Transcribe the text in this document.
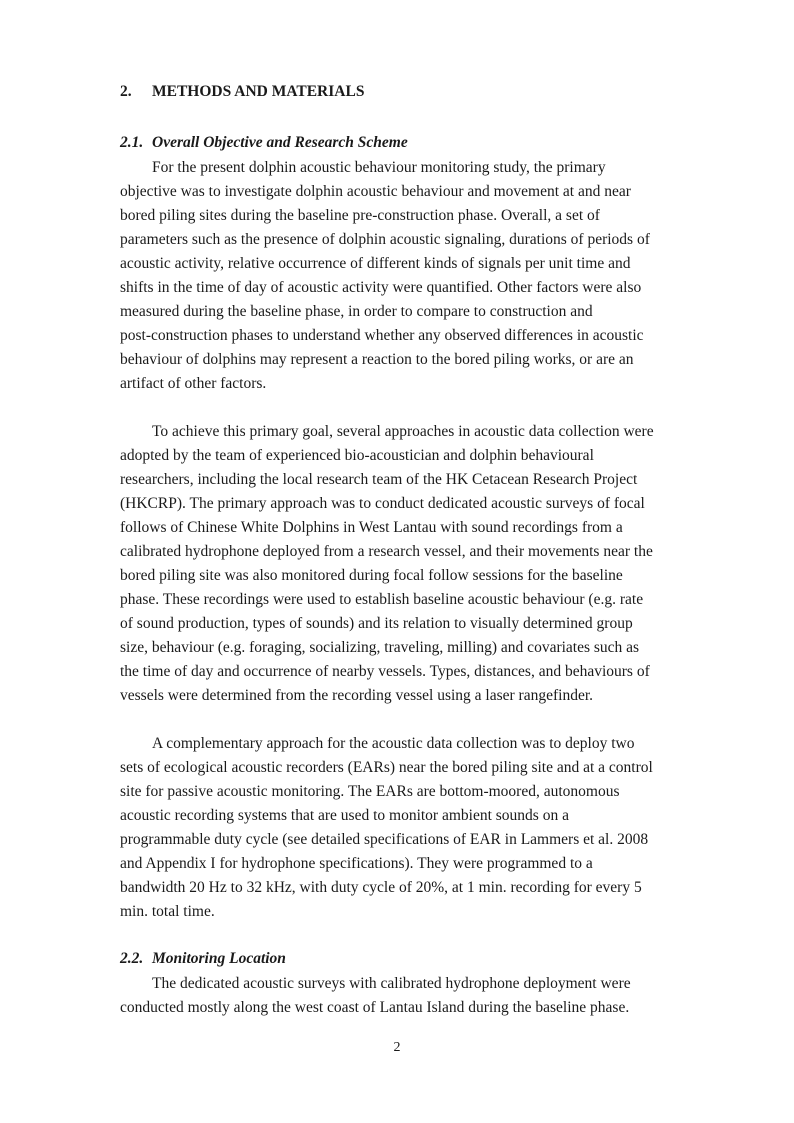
2. METHODS AND MATERIALS
2.1. Overall Objective and Research Scheme
For the present dolphin acoustic behaviour monitoring study, the primary
objective was to investigate dolphin acoustic behaviour and movement at and near
bored piling sites during the baseline pre-construction phase. Overall, a set of
parameters such as the presence of dolphin acoustic signaling, durations of periods of
acoustic activity, relative occurrence of different kinds of signals per unit time and
shifts in the time of day of acoustic activity were quantified. Other factors were also
measured during the baseline phase, in order to compare to construction and
post-construction phases to understand whether any observed differences in acoustic
behaviour of dolphins may represent a reaction to the bored piling works, or are an
artifact of other factors.
To achieve this primary goal, several approaches in acoustic data collection were
adopted by the team of experienced bio-acoustician and dolphin behavioural
researchers, including the local research team of the HK Cetacean Research Project
(HKCRP). The primary approach was to conduct dedicated acoustic surveys of focal
follows of Chinese White Dolphins in West Lantau with sound recordings from a
calibrated hydrophone deployed from a research vessel, and their movements near the
bored piling site was also monitored during focal follow sessions for the baseline
phase. These recordings were used to establish baseline acoustic behaviour (e.g. rate
of sound production, types of sounds) and its relation to visually determined group
size, behaviour (e.g. foraging, socializing, traveling, milling) and covariates such as
the time of day and occurrence of nearby vessels. Types, distances, and behaviours of
vessels were determined from the recording vessel using a laser rangefinder.
A complementary approach for the acoustic data collection was to deploy two
sets of ecological acoustic recorders (EARs) near the bored piling site and at a control
site for passive acoustic monitoring. The EARs are bottom-moored, autonomous
acoustic recording systems that are used to monitor ambient sounds on a
programmable duty cycle (see detailed specifications of EAR in Lammers et al. 2008
and Appendix I for hydrophone specifications). They were programmed to a
bandwidth 20 Hz to 32 kHz, with duty cycle of 20%, at 1 min. recording for every 5
min. total time.
2.2. Monitoring Location
The dedicated acoustic surveys with calibrated hydrophone deployment were
conducted mostly along the west coast of Lantau Island during the baseline phase.
2
